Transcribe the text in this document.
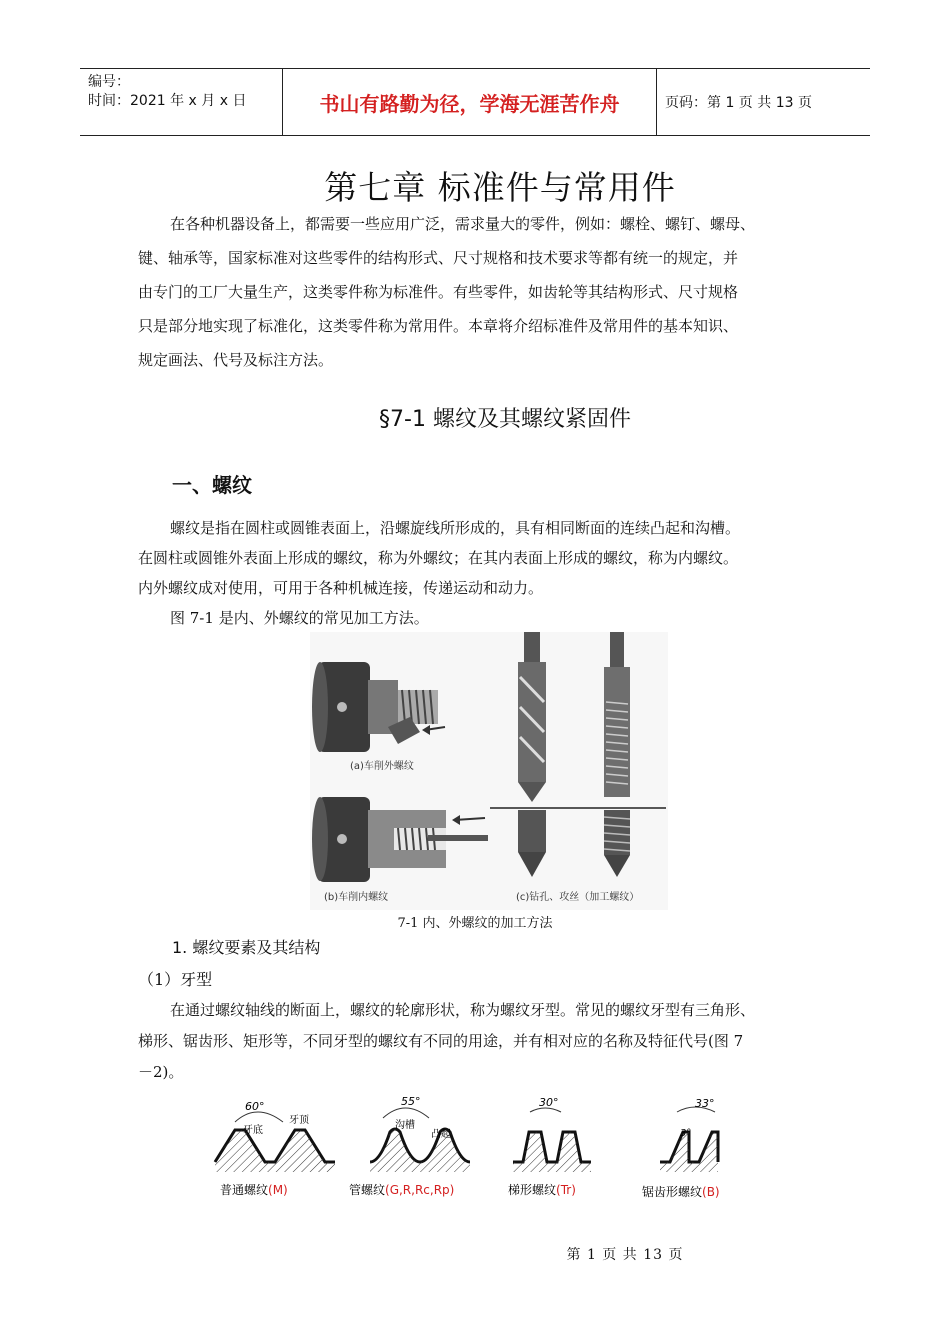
编号：
时间：2021 年 x 月 x 日	书山有路勤为径，学海无涯苦作舟	页码：第 1 页 共 13 页
第七章 标准件与常用件

在各种机器设备上，都需要一些应用广泛，需求量大的零件，例如：螺栓、螺钉、螺母、

键、轴承等，国家标准对这些零件的结构形式、尺寸规格和技术要求等都有统一的规定，并

由专门的工厂大量生产，这类零件称为标准件。有些零件，如齿轮等其结构形式、尺寸规格

只是部分地实现了标准化，这类零件称为常用件。本章将介绍标准件及常用件的基本知识、

规定画法、代号及标注方法。

§7-1 螺纹及其螺纹紧固件
一、螺纹

螺纹是指在圆柱或圆锥表面上，沿螺旋线所形成的，具有相同断面的连续凸起和沟槽。

在圆柱或圆锥外表面上形成的螺纹，称为外螺纹；在其内表面上形成的螺纹，称为内螺纹。

内外螺纹成对使用，可用于各种机械连接，传递运动和动力。

图 7-1 是内、外螺纹的常见加工方法。

(a)车削外螺纹
(b)车削内螺纹	(c)钻孔、攻丝（加工螺纹）
7-1 内、外螺纹的加工方法
1. 螺纹要素及其结构
（1）牙型

在通过螺纹轴线的断面上，螺纹的轮廓形状，称为螺纹牙型。常见的螺纹牙型有三角形、

梯形、锯齿形、矩形等，不同牙型的螺纹有不同的用途，并有相对应的名称及特征代号(图 7

－2)。

60°
牙底
牙顶
普通螺纹(M)
55°
沟槽
凸起
管螺纹(G,R,Rc,Rp)
30°
梯形螺纹(Tr)
33°
3°
锯齿形螺纹(B)
第 1 页 共 13 页
